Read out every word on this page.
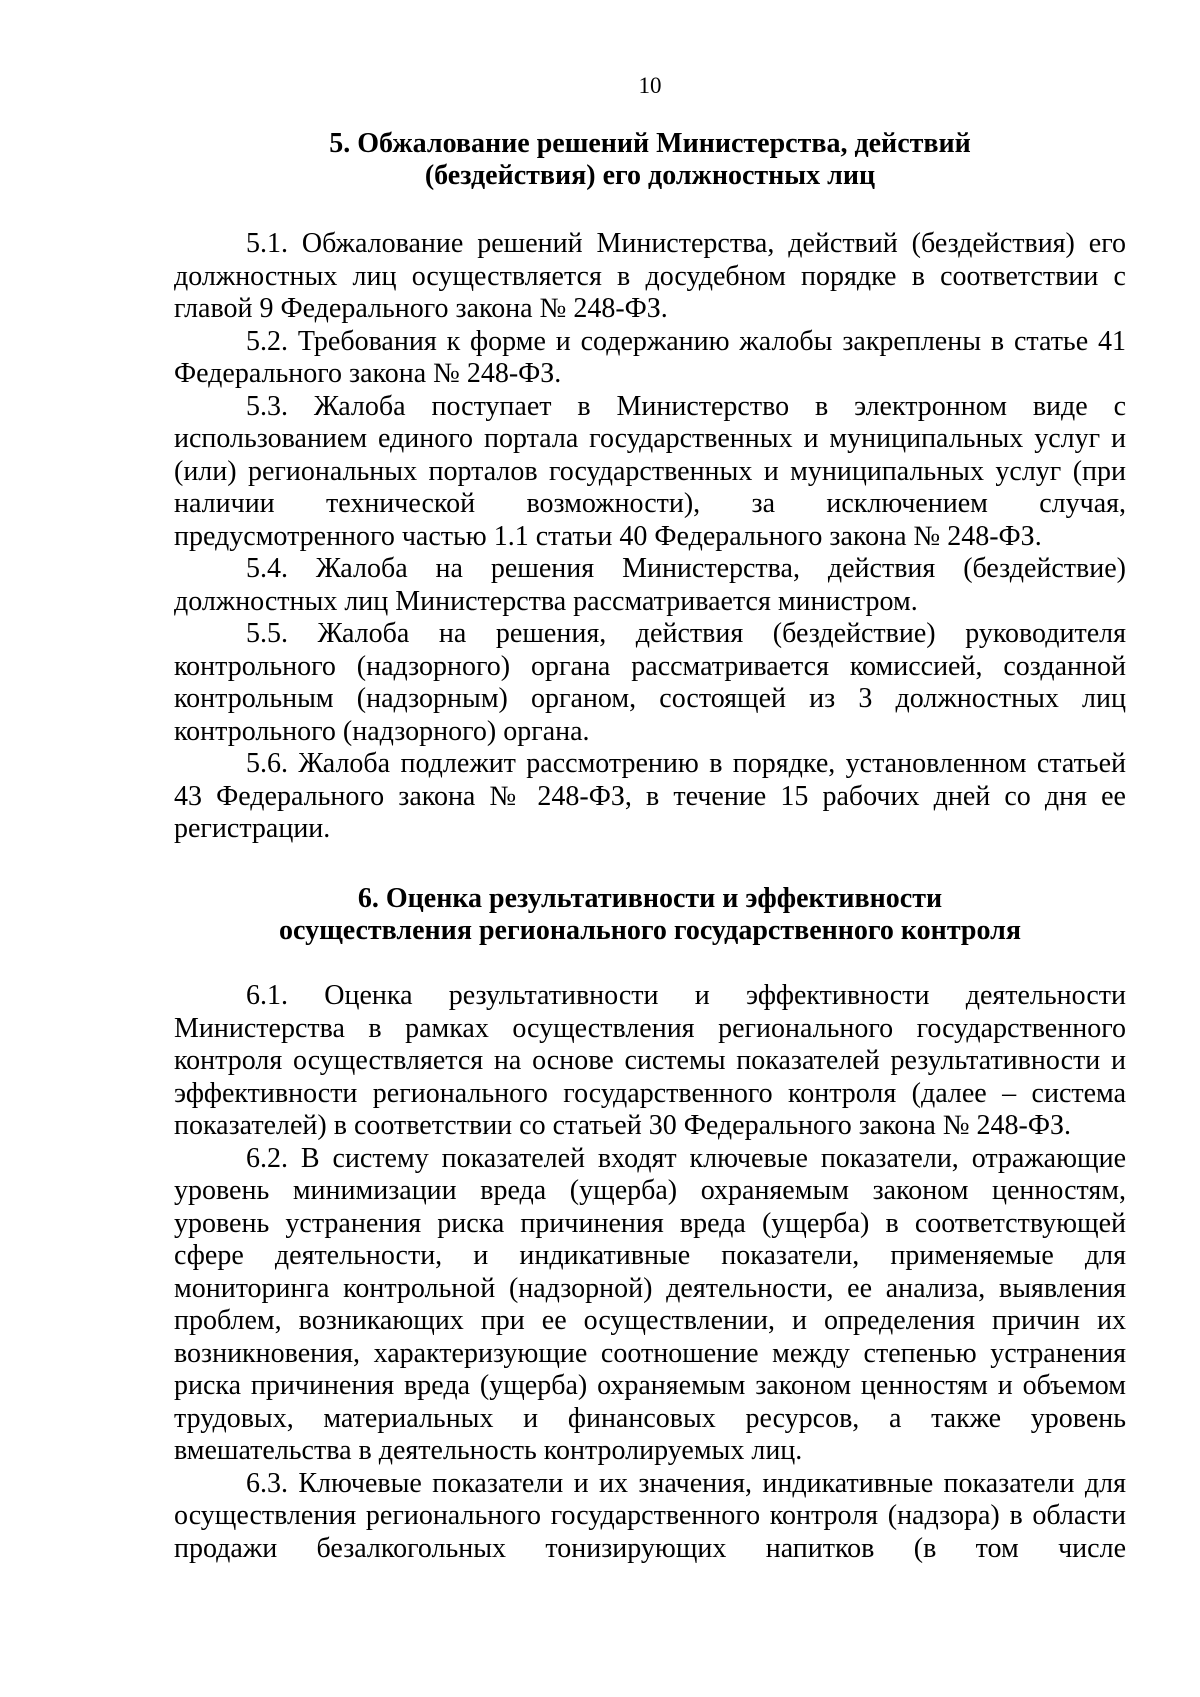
10
5. Обжалование решений Министерства, действий
(бездействия) его должностных лиц

5.1. Обжалование решений Министерства, действий (бездействия) его должностных лиц осуществляется в досудебном порядке в соответствии с главой 9 Федерального закона № 248-ФЗ.

5.2. Требования к форме и содержанию жалобы закреплены в статье 41 Федерального закона № 248-ФЗ.

5.3. Жалоба поступает в Министерство в электронном виде с использованием единого портала государственных и муниципальных услуг и (или) региональных порталов государственных и муниципальных услуг (при наличии технической возможности), за исключением случая, предусмотренного частью 1.1 статьи 40 Федерального закона № 248-ФЗ.

5.4. Жалоба на решения Министерства, действия (бездействие) должностных лиц Министерства рассматривается министром.

5.5. Жалоба на решения, действия (бездействие) руководителя контрольного (надзорного) органа рассматривается комиссией, созданной контрольным (надзорным) органом, состоящей из 3 должностных лиц контрольного (надзорного) органа.

5.6. Жалоба подлежит рассмотрению в порядке, установленном статьей 43 Федерального закона № 248-ФЗ, в течение 15 рабочих дней со дня ее регистрации.

6. Оценка результативности и эффективности
осуществления регионального государственного контроля

6.1. Оценка результативности и эффективности деятельности Министерства в рамках осуществления регионального государственного контроля осуществляется на основе системы показателей результативности и эффективности регионального государственного контроля (далее – система показателей) в соответствии со статьей 30 Федерального закона № 248-ФЗ.

6.2. В систему показателей входят ключевые показатели, отражающие уровень минимизации вреда (ущерба) охраняемым законом ценностям, уровень устранения риска причинения вреда (ущерба) в соответствующей сфере деятельности, и индикативные показатели, применяемые для мониторинга контрольной (надзорной) деятельности, ее анализа, выявления проблем, возникающих при ее осуществлении, и определения причин их возникновения, характеризующие соотношение между степенью устранения риска причинения вреда (ущерба) охраняемым законом ценностям и объемом трудовых, материальных и финансовых ресурсов, а также уровень вмешательства в деятельность контролируемых лиц.

6.3. Ключевые показатели и их значения, индикативные показатели для осуществления регионального государственного контроля (надзора) в области продажи безалкогольных тонизирующих напитков (в том числе
